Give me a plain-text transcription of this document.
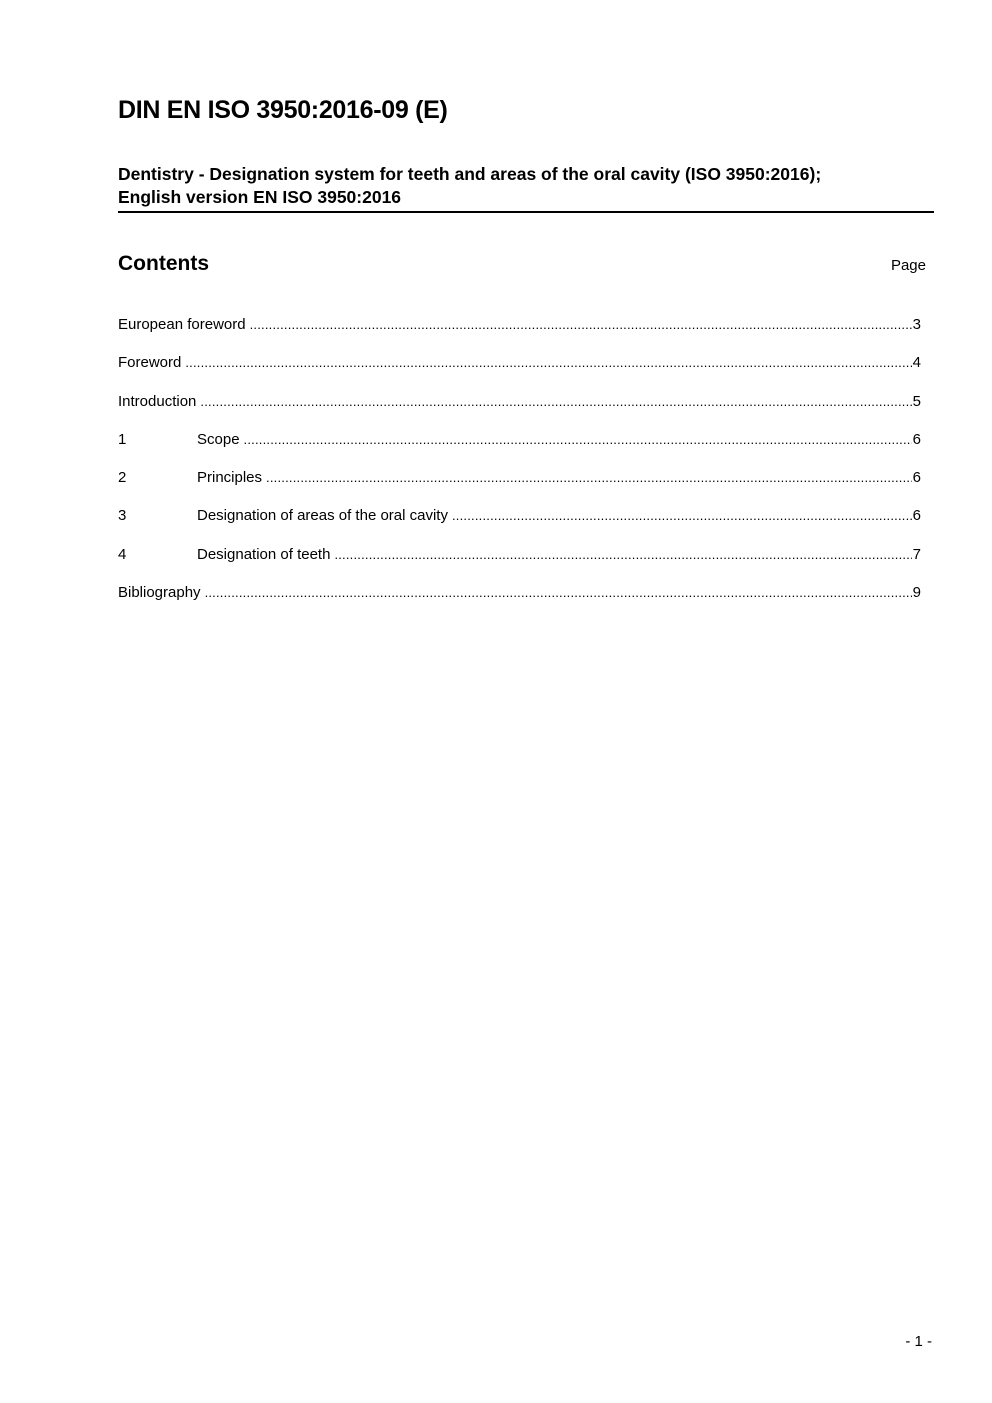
DIN EN ISO 3950:2016-09 (E)
Dentistry - Designation system for teeth and areas of the oral cavity (ISO 3950:2016);
English version EN ISO 3950:2016
Contents	Page
European foreword .....	3
Foreword .....	4
Introduction .....	5
1	Scope .....	6
2	Principles .....	6
3	Designation of areas of the oral cavity .....	6
4	Designation of teeth .....	7
Bibliography .....	9
- 1 -
